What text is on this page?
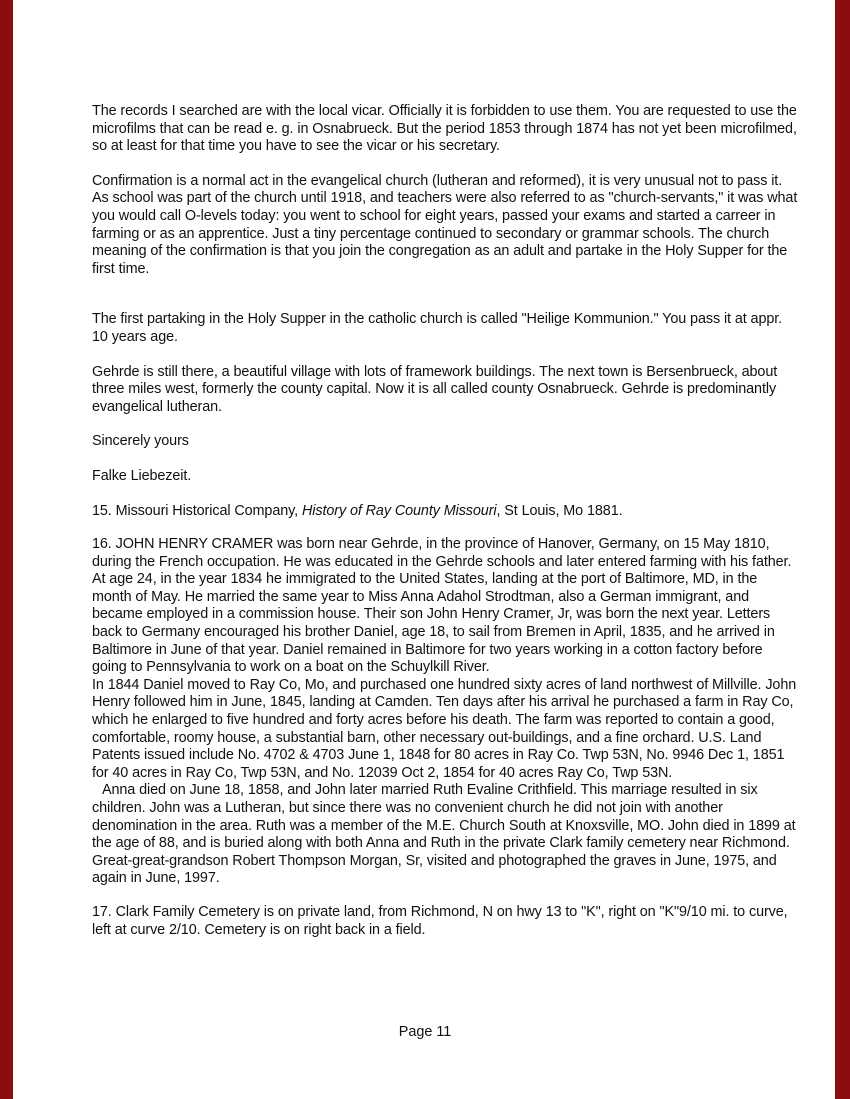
The records I searched are with the local vicar. Officially it is forbidden to use them. You are requested to use the microfilms that can be read e. g. in Osnabrueck. But the period 1853 through 1874 has not yet been microfilmed, so at least for that time you have to see the vicar or his secretary.

Confirmation is a normal act in the evangelical church (lutheran and reformed), it is very unusual not to pass it. As school was part of the church until 1918, and teachers were also referred to as "church-servants," it was what you would call O-levels today: you went to school for eight years, passed your exams and started a carreer in farming or as an apprentice. Just a tiny percentage continued to secondary or grammar schools. The church meaning of the confirmation is that you join the congregation as an adult and partake in the Holy Supper for the first time.

The first partaking in the Holy Supper in the catholic church is called "Heilige Kommunion." You pass it at appr. 10 years age.

Gehrde is still there, a beautiful village with lots of framework buildings. The next town is Bersenbrueck, about three miles west, formerly the county capital. Now it is all called county Osnabrueck. Gehrde is predominantly evangelical lutheran.

Sincerely yours

Falke Liebezeit.

15. Missouri Historical Company, History of Ray County Missouri, St Louis, Mo 1881.

16. JOHN HENRY CRAMER was born near Gehrde, in the province of Hanover, Germany, on 15 May 1810, during the French occupation. He was educated in the Gehrde schools and later entered farming with his father. At age 24, in the year 1834 he immigrated to the United States, landing at the port of Baltimore, MD, in the month of May. He married the same year to Miss Anna Adahol Strodtman, also a German immigrant, and became employed in a commission house. Their son John Henry Cramer, Jr, was born the next year. Letters back to Germany encouraged his brother Daniel, age 18, to sail from Bremen in April, 1835, and he arrived in Baltimore in June of that year. Daniel remained in Baltimore for two years working in a cotton factory before going to Pennsylvania to work on a boat on the Schuylkill River.

In 1844 Daniel moved to Ray Co, Mo, and purchased one hundred sixty acres of land northwest of Millville. John Henry followed him in June, 1845, landing at Camden. Ten days after his arrival he purchased a farm in Ray Co, which he enlarged to five hundred and forty acres before his death. The farm was reported to contain a good, comfortable, roomy house, a substantial barn, other necessary out-buildings, and a fine orchard. U.S. Land Patents issued include No. 4702 & 4703 June 1, 1848 for 80 acres in Ray Co. Twp 53N, No. 9946 Dec 1, 1851 for 40 acres in Ray Co, Twp 53N, and No. 12039 Oct 2, 1854 for 40 acres Ray Co, Twp 53N.

Anna died on June 18, 1858, and John later married Ruth Evaline Crithfield. This marriage resulted in six children. John was a Lutheran, but since there was no convenient church he did not join with another denomination in the area. Ruth was a member of the M.E. Church South at Knoxsville, MO. John died in 1899 at the age of 88, and is buried along with both Anna and Ruth in the private Clark family cemetery near Richmond. Great-great-grandson Robert Thompson Morgan, Sr, visited and photographed the graves in June, 1975, and again in June, 1997.

17. Clark Family Cemetery is on private land, from Richmond, N on hwy 13 to "K", right on "K"9/10 mi. to curve, left at curve 2/10. Cemetery is on right back in a field.

Page 11
